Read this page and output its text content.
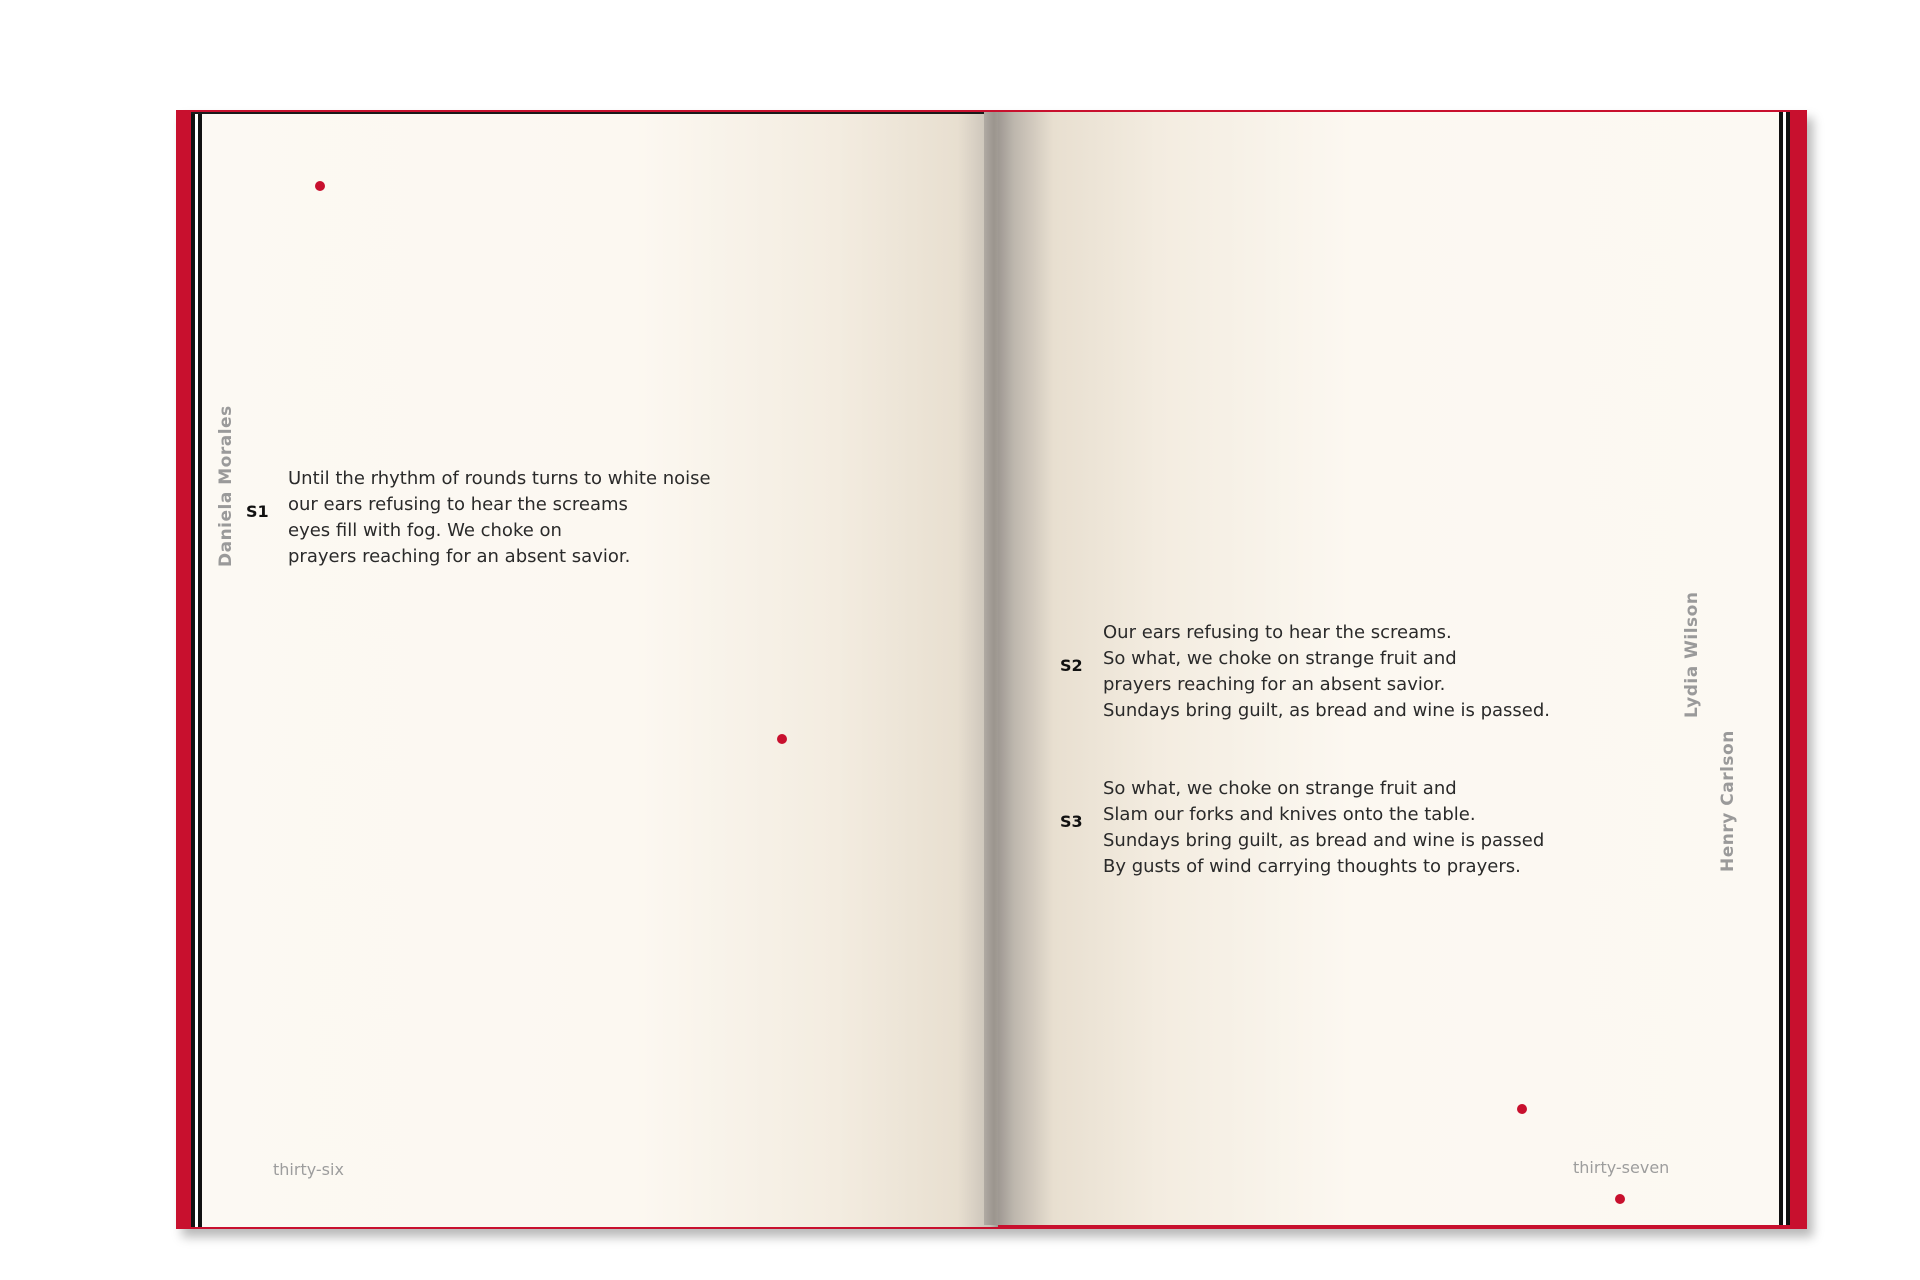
Daniela Morales S1
Until the rhythm of rounds turns to white noise
our ears refusing to hear the screams
eyes fill with fog. We choke on
prayers reaching for an absent savior.
thirty-six
Lydia Wilson
Henry Carlson
S2
Our ears refusing to hear the screams.
So what, we choke on strange fruit and
prayers reaching for an absent savior.
Sundays bring guilt, as bread and wine is passed.
S3
So what, we choke on strange fruit and
Slam our forks and knives onto the table.
Sundays bring guilt, as bread and wine is passed
By gusts of wind carrying thoughts to prayers.
thirty-seven
